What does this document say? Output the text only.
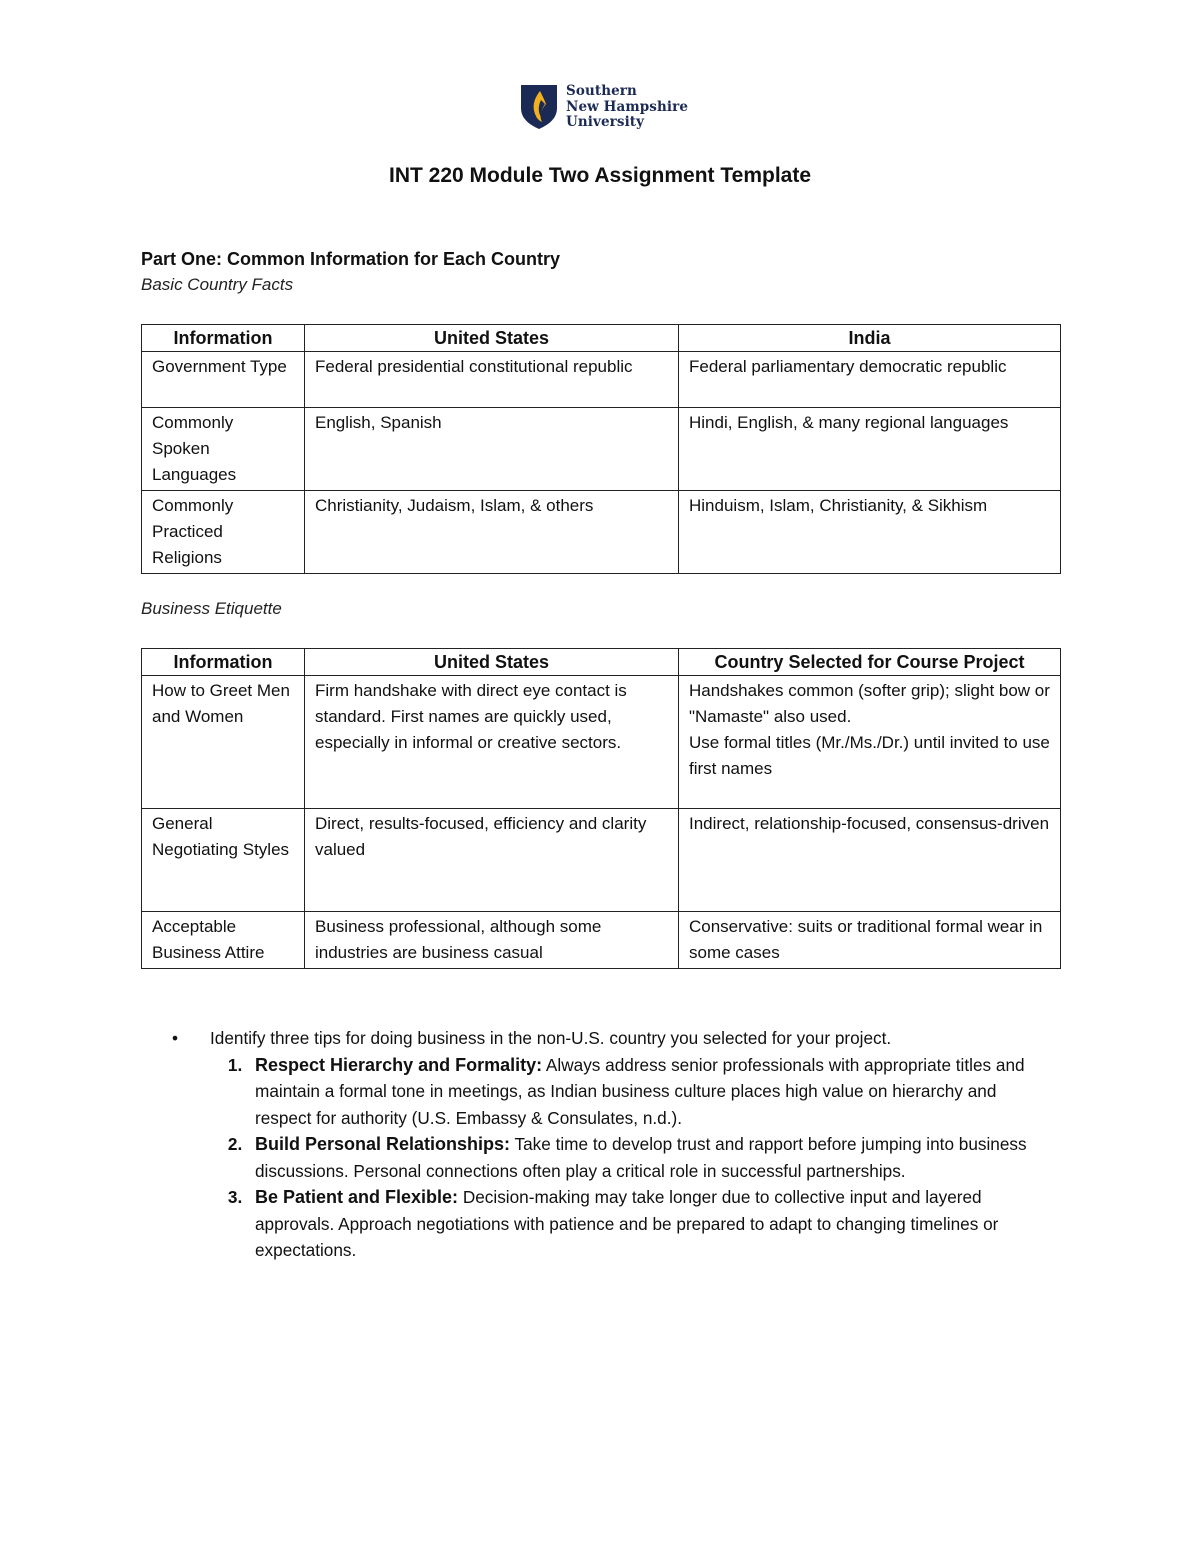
Southern
New Hampshire
University
INT 220 Module Two Assignment Template
Part One: Common Information for Each Country
Basic Country Facts
Information	United States	India
Government Type	Federal presidential constitutional republic	Federal parliamentary democratic republic
Commonly Spoken Languages	English, Spanish	Hindi, English, & many regional languages
Commonly Practiced Religions	Christianity, Judaism, Islam, & others	Hinduism, Islam, Christianity, & Sikhism
Business Etiquette
Information	United States	Country Selected for Course Project
How to Greet Men and Women	Firm handshake with direct eye contact is standard. First names are quickly used, especially in informal or creative sectors.	Handshakes common (softer grip); slight bow or "Namaste" also used.
Use formal titles (Mr./Ms./Dr.) until invited to use first names

General Negotiating Styles	Direct, results-focused, efficiency and clarity valued	Indirect, relationship-focused, consensus-driven
Acceptable Business Attire	Business professional, although some industries are business casual	Conservative: suits or traditional formal wear in some cases
•	Identify three tips for doing business in the non-U.S. country you selected for your project.
1. Respect Hierarchy and Formality: Always address senior professionals with appropriate titles and maintain a formal tone in meetings, as Indian business culture places high value on hierarchy and respect for authority (U.S. Embassy & Consulates, n.d.).
2. Build Personal Relationships: Take time to develop trust and rapport before jumping into business discussions. Personal connections often play a critical role in successful partnerships.
3. Be Patient and Flexible: Decision-making may take longer due to collective input and layered approvals. Approach negotiations with patience and be prepared to adapt to changing timelines or expectations.
